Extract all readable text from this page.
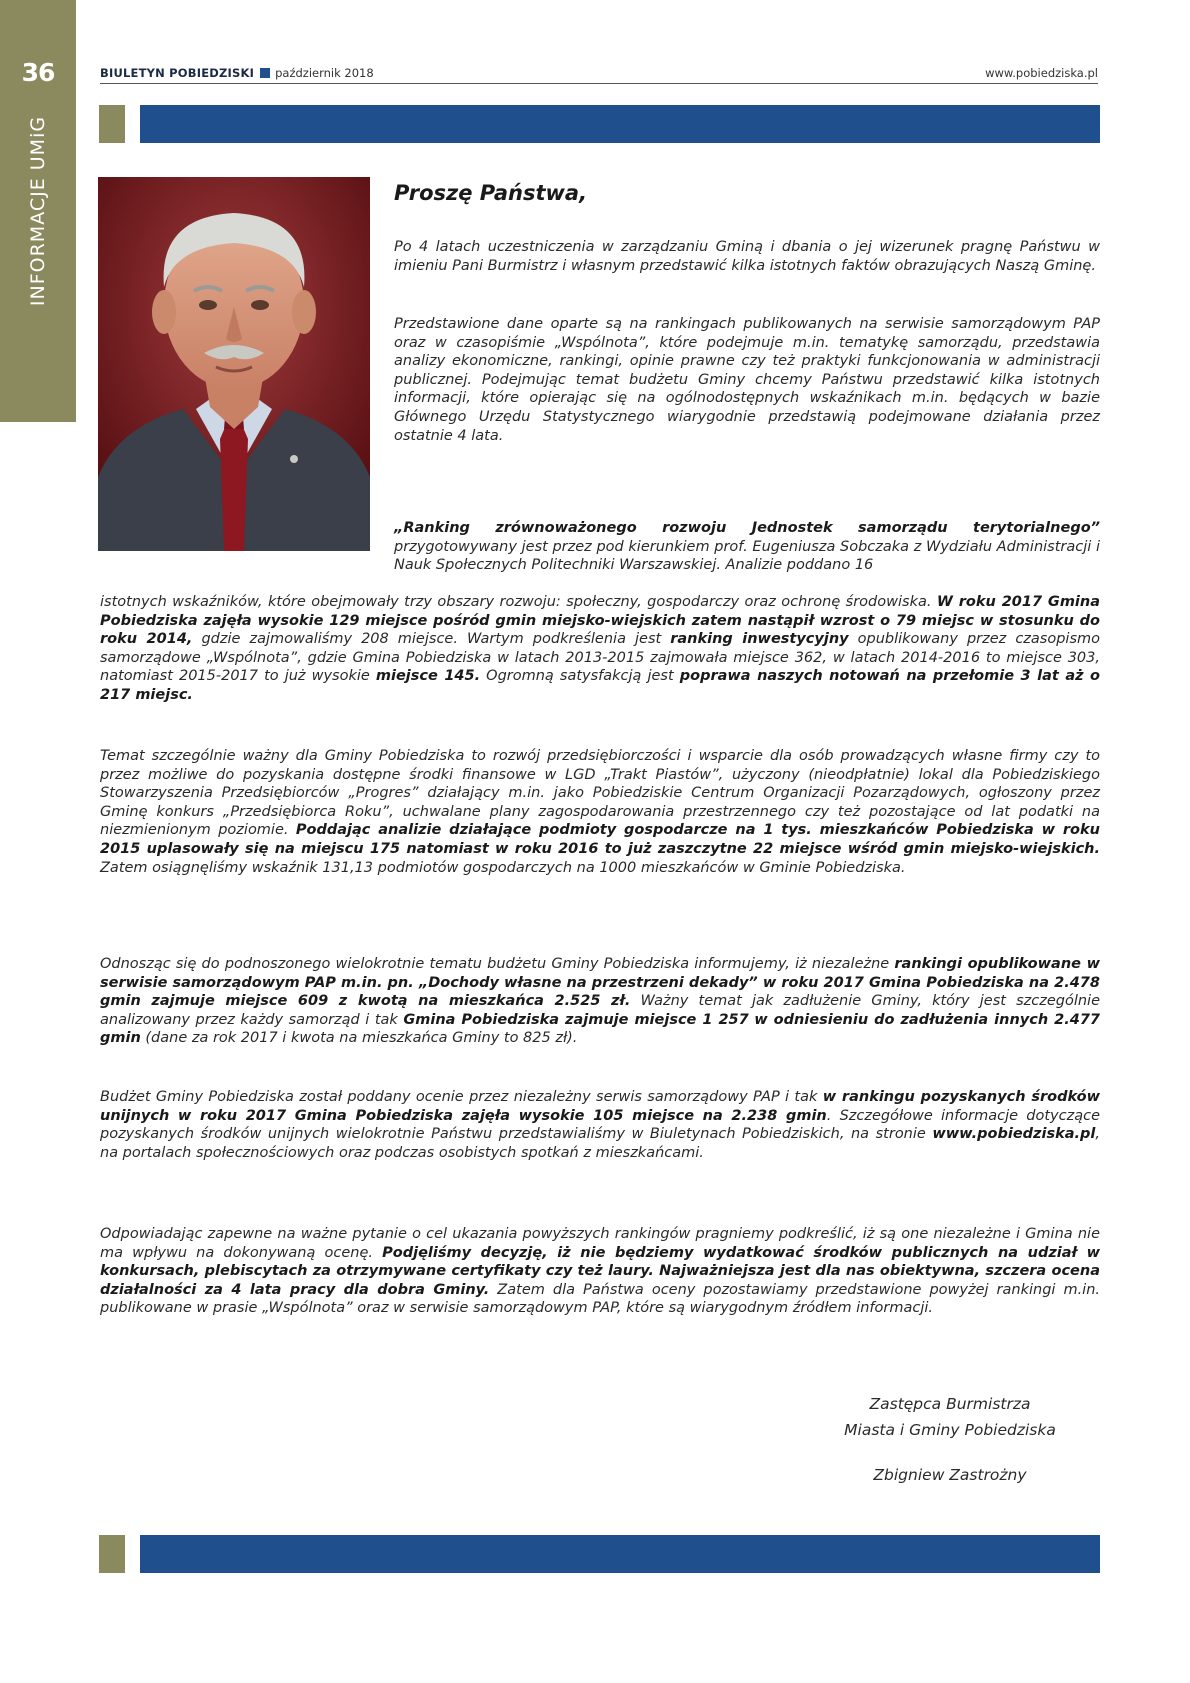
36
INFORMACJE UMiG
BIULETYN POBIEDZISKI październik 2018	www.pobiedziska.pl
Proszę Państwa,

Po 4 latach uczestniczenia w zarządzaniu Gminą i dbania o jej wizerunek pragnę Państwu w imieniu Pani Burmistrz i własnym przedstawić kilka istotnych faktów obrazujących Naszą Gminę.

Przedstawione dane oparte są na rankingach publikowanych na serwisie samorządowym PAP oraz w czasopiśmie „Wspólnota”, które podejmuje m.in. tematykę samorządu, przedstawia analizy ekonomiczne, rankingi, opinie prawne czy też praktyki funkcjonowania w administracji publicznej. Podejmując temat budżetu Gminy chcemy Państwu przedstawić kilka istotnych informacji, które opierając się na ogólnodostępnych wskaźnikach m.in. będących w bazie Głównego Urzędu Statystycznego wiarygodnie przedstawią podejmowane działania przez ostatnie 4 lata.

„Ranking zrównoważonego rozwoju Jednostek samorządu terytorialnego” przygotowywany jest przez pod kierunkiem prof. Eugeniusza Sobczaka z Wydziału Administracji i Nauk Społecznych Politechniki Warszawskiej. Analizie poddano 16

istotnych wskaźników, które obejmowały trzy obszary rozwoju: społeczny, gospodarczy oraz ochronę środowiska. W roku 2017 Gmina Pobiedziska zajęła wysokie 129 miejsce pośród gmin miejsko-wiejskich zatem nastąpił wzrost o 79 miejsc w stosunku do roku 2014, gdzie zajmowaliśmy 208 miejsce. Wartym podkreślenia jest ranking inwestycyjny opublikowany przez czasopismo samorządowe „Wspólnota”, gdzie Gmina Pobiedziska w latach 2013-2015 zajmowała miejsce 362, w latach 2014-2016 to miejsce 303, natomiast 2015-2017 to już wysokie miejsce 145. Ogromną satysfakcją jest poprawa naszych notowań na przełomie 3 lat aż o 217 miejsc.

Temat szczególnie ważny dla Gminy Pobiedziska to rozwój przedsiębiorczości i wsparcie dla osób prowadzących własne firmy czy to przez możliwe do pozyskania dostępne środki finansowe w LGD „Trakt Piastów”, użyczony (nieodpłatnie) lokal dla Pobiedziskiego Stowarzyszenia Przedsiębiorców „Progres” działający m.in. jako Pobiedziskie Centrum Organizacji Pozarządowych, ogłoszony przez Gminę konkurs „Przedsiębiorca Roku”, uchwalane plany zagospodarowania przestrzennego czy też pozostające od lat podatki na niezmienionym poziomie. Poddając analizie działające podmioty gospodarcze na 1 tys. mieszkańców Pobiedziska w roku 2015 uplasowały się na miejscu 175 natomiast w roku 2016 to już zaszczytne 22 miejsce wśród gmin miejsko-wiejskich. Zatem osiągnęliśmy wskaźnik 131,13 podmiotów gospodarczych na 1000 mieszkańców w Gminie Pobiedziska.

Odnosząc się do podnoszonego wielokrotnie tematu budżetu Gminy Pobiedziska informujemy, iż niezależne rankingi opublikowane w serwisie samorządowym PAP m.in. pn. „Dochody własne na przestrzeni dekady” w roku 2017 Gmina Pobiedziska na 2.478 gmin zajmuje miejsce 609 z kwotą na mieszkańca 2.525 zł. Ważny temat jak zadłużenie Gminy, który jest szczególnie analizowany przez każdy samorząd i tak Gmina Pobiedziska zajmuje miejsce 1 257 w odniesieniu do zadłużenia innych 2.477 gmin (dane za rok 2017 i kwota na mieszkańca Gminy to 825 zł).

Budżet Gminy Pobiedziska został poddany ocenie przez niezależny serwis samorządowy PAP i tak w rankingu pozyskanych środków unijnych w roku 2017 Gmina Pobiedziska zajęła wysokie 105 miejsce na 2.238 gmin. Szczegółowe informacje dotyczące pozyskanych środków unijnych wielokrotnie Państwu przedstawialiśmy w Biuletynach Pobiedziskich, na stronie www.pobiedziska.pl, na portalach społecznościowych oraz podczas osobistych spotkań z mieszkańcami.

Odpowiadając zapewne na ważne pytanie o cel ukazania powyższych rankingów pragniemy podkreślić, iż są one niezależne i Gmina nie ma wpływu na dokonywaną ocenę. Podjęliśmy decyzję, iż nie będziemy wydatkować środków publicznych na udział w konkursach, plebiscytach za otrzymywane certyfikaty czy też laury. Najważniejsza jest dla nas obiektywna, szczera ocena działalności za 4 lata pracy dla dobra Gminy. Zatem dla Państwa oceny pozostawiamy przedstawione powyżej rankingi m.in. publikowane w prasie „Wspólnota” oraz w serwisie samorządowym PAP, które są wiarygodnym źródłem informacji.

Zastępca Burmistrza
Miasta i Gminy Pobiedziska
Zbigniew Zastrożny
